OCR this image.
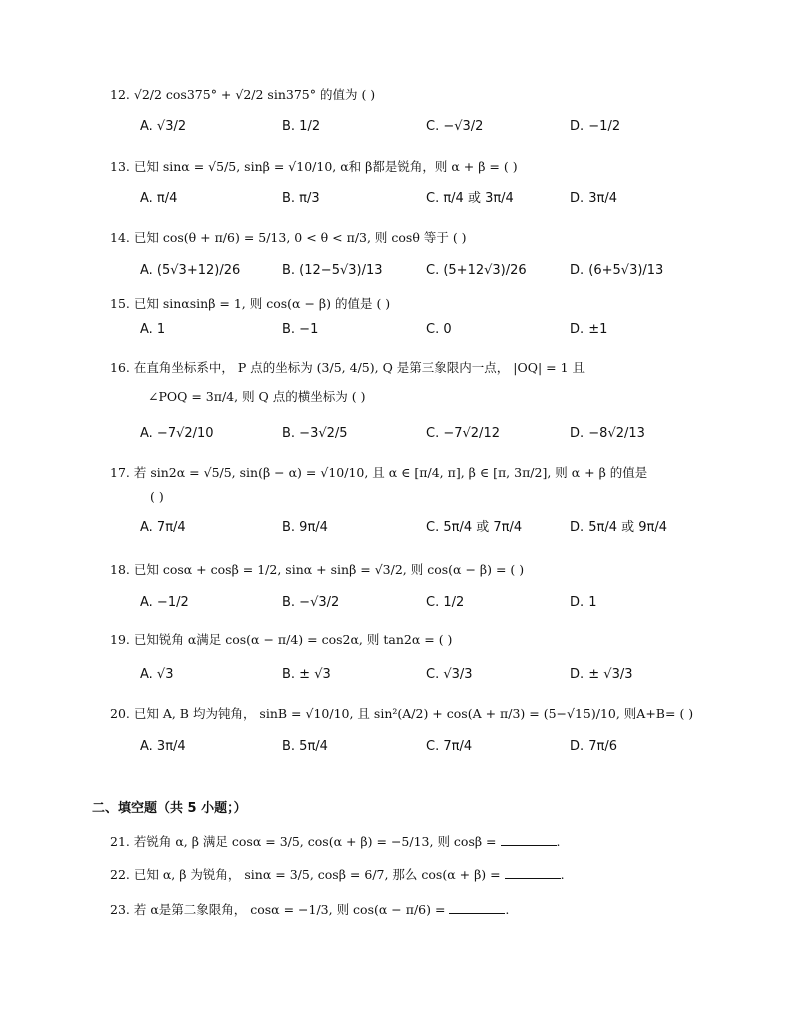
12. √2/2 cos375° + √2/2 sin375° 的值为 ( )
A. √3/2	B. 1/2	C. −√3/2	D. −1/2
13. 已知 sinα = √5/5, sinβ = √10/10, α和 β都是锐角，则 α + β = ( )
A. π/4	B. π/3	C. π/4 或 3π/4	D. 3π/4
14. 已知 cos(θ + π/6) = 5/13, 0 < θ < π/3, 则 cosθ 等于 ( )
A. (5√3+12)/26	B. (12−5√3)/13	C. (5+12√3)/26	D. (6+5√3)/13
15. 已知 sinαsinβ = 1, 则 cos(α − β) 的值是 ( )
A. 1	B. −1	C. 0	D. ±1
16. 在直角坐标系中， P 点的坐标为 (3/5, 4/5), Q 是第三象限内一点， |OQ| = 1 且
∠POQ = 3π/4, 则 Q 点的横坐标为 ( )
A. −7√2/10	B. −3√2/5	C. −7√2/12	D. −8√2/13
17. 若 sin2α = √5/5, sin(β − α) = √10/10, 且 α ∈ [π/4, π], β ∈ [π, 3π/2], 则 α + β 的值是
( )
A. 7π/4	B. 9π/4	C. 5π/4 或 7π/4	D. 5π/4 或 9π/4
18. 已知 cosα + cosβ = 1/2, sinα + sinβ = √3/2, 则 cos(α − β) = ( )
A. −1/2	B. −√3/2	C. 1/2	D. 1
19. 已知锐角 α满足 cos(α − π/4) = cos2α, 则 tan2α = ( )
A. √3	B. ± √3	C. √3/3	D. ± √3/3
20. 已知 A, B 均为钝角， sinB = √10/10, 且 sin²(A/2) + cos(A + π/3) = (5−√15)/10, 则A+B= ( )
A. 3π/4	B. 5π/4	C. 7π/4	D. 7π/6
二、填空题（共 5 小题；）
21. 若锐角 α, β 满足 cosα = 3/5, cos(α + β) = −5/13, 则 cosβ =	.
22. 已知 α, β 为锐角， sinα = 3/5, cosβ = 6/7, 那么 cos(α + β) =	.
23. 若 α是第二象限角， cosα = −1/3, 则 cos(α − π/6) =	.
